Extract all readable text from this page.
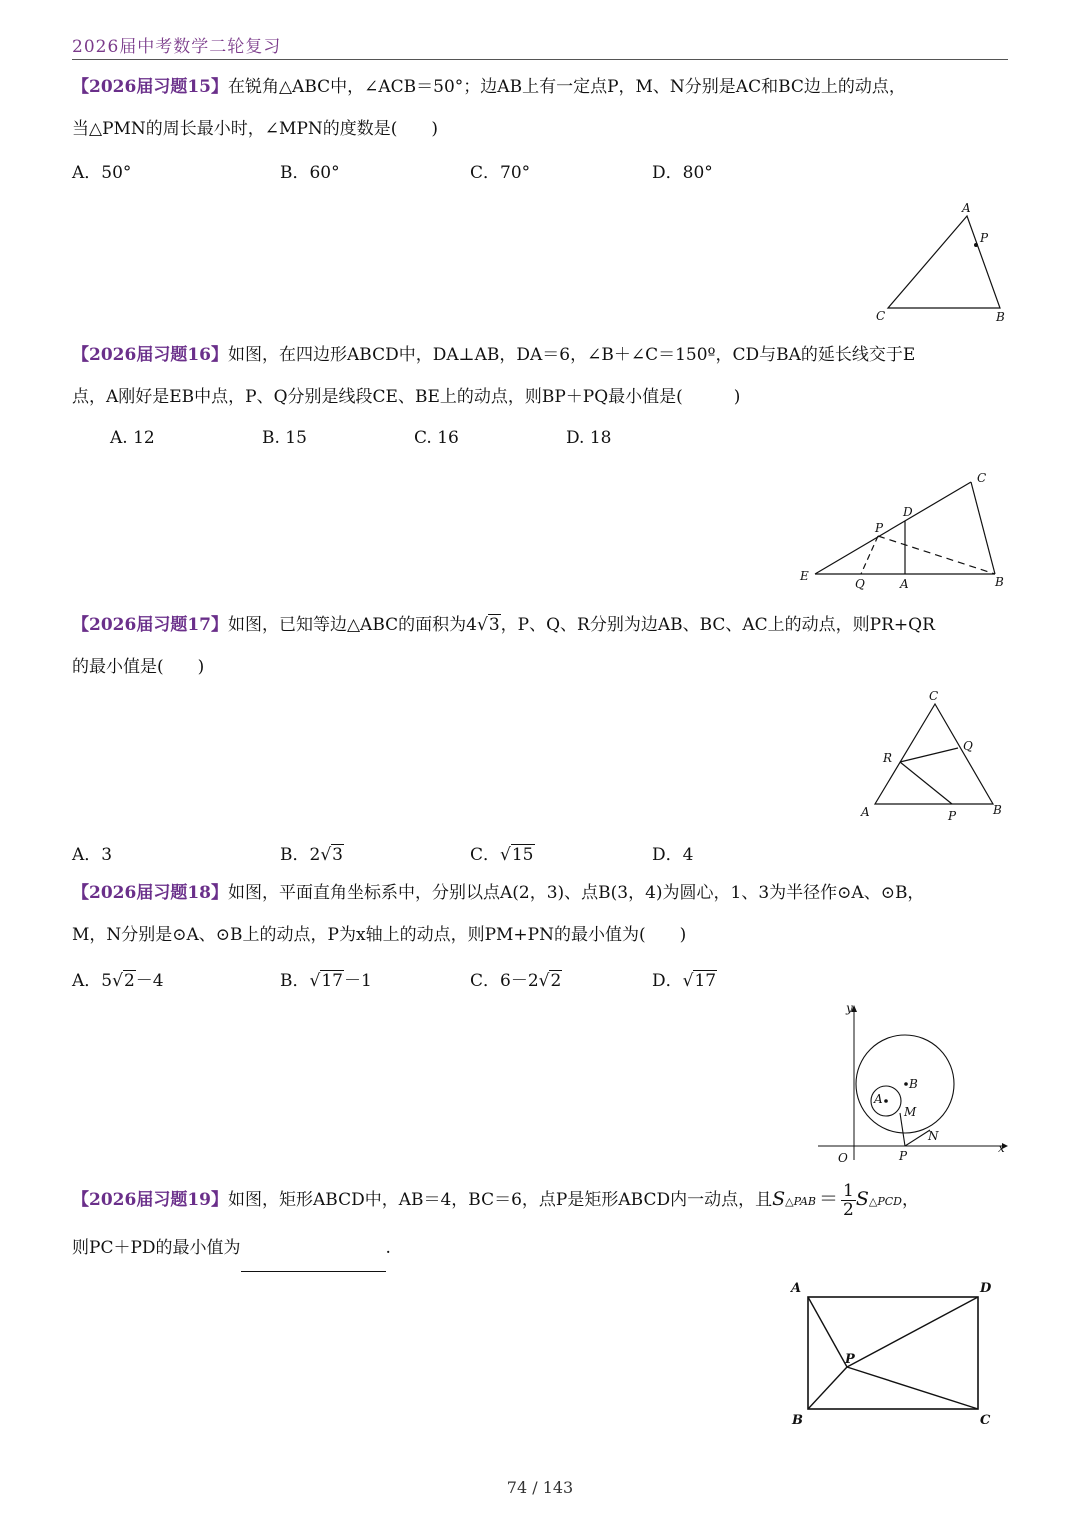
2026届中考数学二轮复习
【2026届习题15】在锐角△ABC中，∠ACB＝50°；边AB上有一定点P，M、N分别是AC和BC边上的动点，
当△PMN的周长最小时，∠MPN的度数是(　　)
A．50°	B．60°	C．70°	D．80°
A
P
C	B
【2026届习题16】如图，在四边形ABCD中，DA⊥AB，DA＝6，∠B＋∠C＝150º，CD与BA的延长线交于E
点，A刚好是EB中点，P、Q分别是线段CE、BE上的动点，则BP＋PQ最小值是(　　　)
A. 12	B. 15	C. 16	D. 18
C
D
P
E
Q	A	B
【2026届习题17】如图，已知等边△ABC的面积为4√3，P、Q、R分别为边AB、BC、AC上的动点，则PR+QR
的最小值是(　　)
C
R
Q
A	P	B
A．3	B．2√3	C．√15	D．4
【2026届习题18】如图，平面直角坐标系中，分别以点A(2，3)、点B(3，4)为圆心，1、3为半径作⊙A、⊙B，
M，N分别是⊙A、⊙B上的动点，P为x轴上的动点，则PM+PN的最小值为(　　)
A．5√2－4	B．√17－1	C．6－2√2	D．√17
y
x
O
A
B
M
N
P
【2026届习题19】如图，矩形ABCD中，AB＝4，BC＝6，点P是矩形ABCD内一动点，且S△PAB ＝ $\frac{1}{2}$ S△PCD，
则PC＋PD的最小值为	.
A	D
P
B	C
74 / 143
